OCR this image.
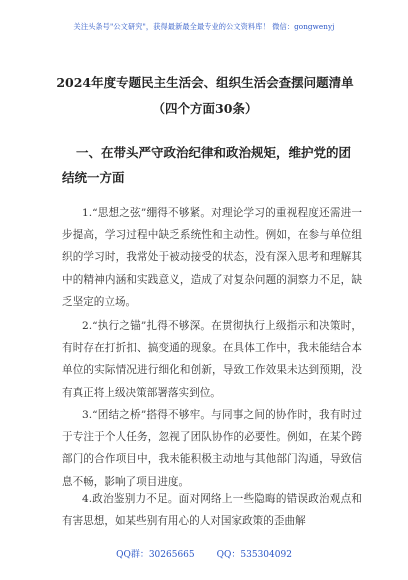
关注头条号"公文研究"，获得最新最全最专业的公文资料库！ 微信：gongwenyj
2024年度专题民主生活会、组织生活会查摆问题清单（四个方面30条）
一、在带头严守政治纪律和政治规矩，维护党的团结统一方面
1.“思想之弦”绷得不够紧。对理论学习的重视程度还需进一步提高，学习过程中缺乏系统性和主动性。例如，在参与单位组织的学习时，我常处于被动接受的状态，没有深入思考和理解其中的精神内涵和实践意义，造成了对复杂问题的洞察力不足，缺乏坚定的立场。
2.“执行之锚”扎得不够深。在贯彻执行上级指示和决策时，有时存在打折扣、搞变通的现象。在具体工作中，我未能结合本单位的实际情况进行细化和创新，导致工作效果未达到预期，没有真正将上级决策部署落实到位。
3.“团结之桥”搭得不够牢。与同事之间的协作时，我有时过于专注于个人任务，忽视了团队协作的必要性。例如，在某个跨部门的合作项目中，我未能积极主动地与其他部门沟通，导致信息不畅，影响了项目进度。
4.政治鉴别力不足。面对网络上一些隐晦的错误政治观点和有害思想，如某些别有用心的人对国家政策的歪曲解
QQ群：30265665 QQ：535304092
